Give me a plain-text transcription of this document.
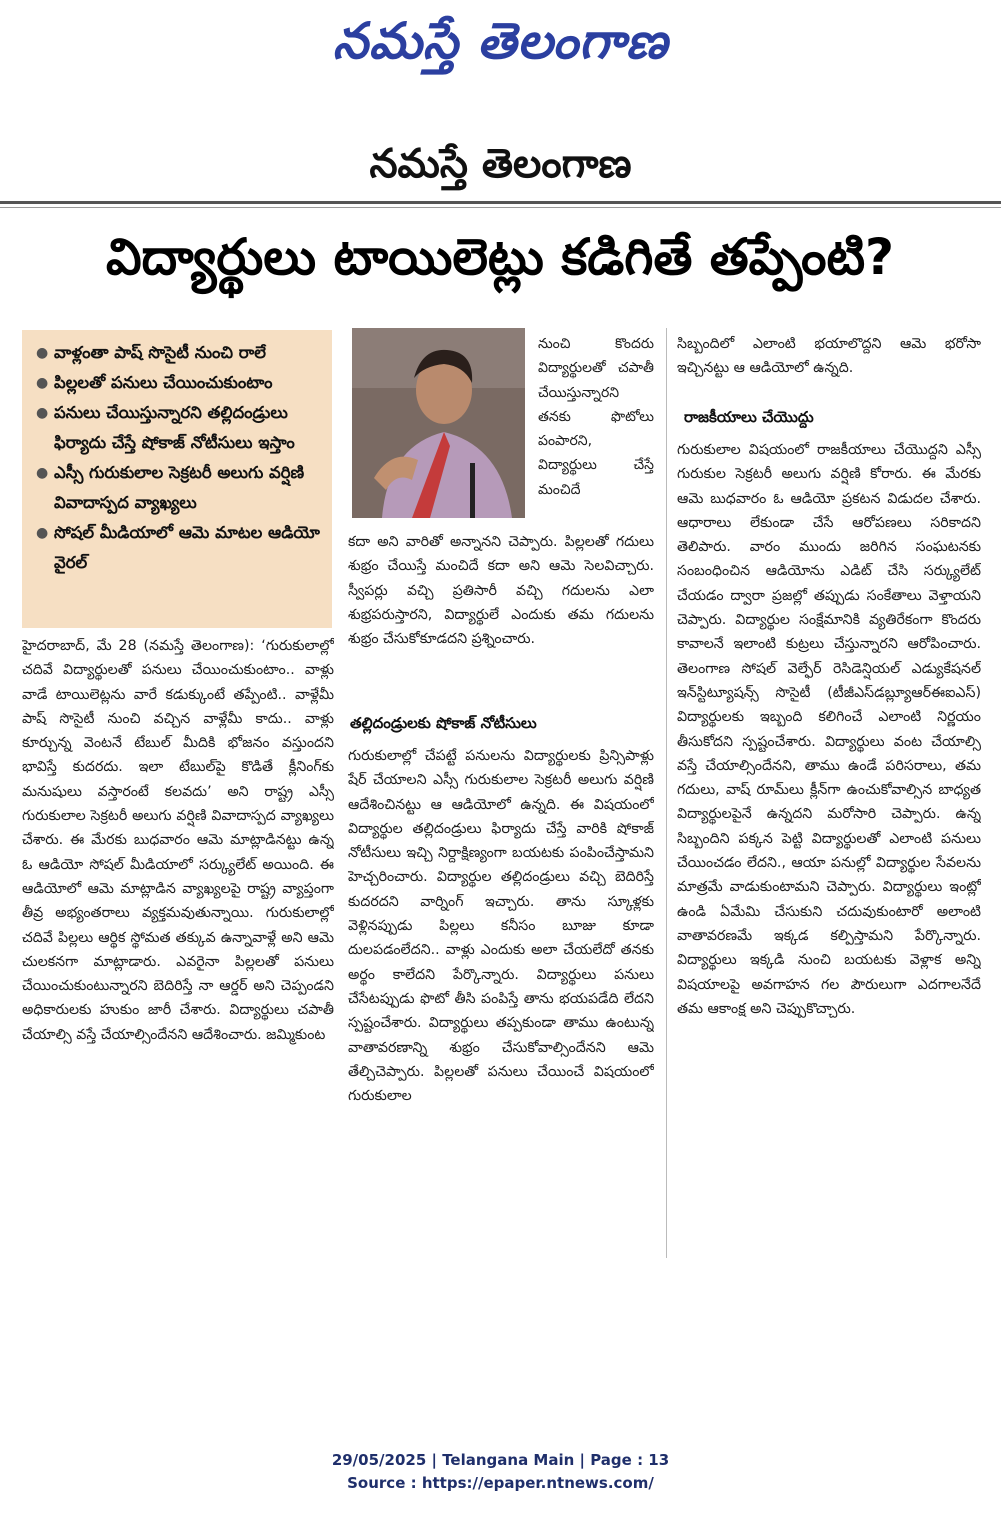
నమస్తే తెలంగాణ
నమస్తే తెలంగాణ
విద్యార్థులు టాయిలెట్లు కడిగితే తప్పేంటి?
● వాళ్లంతా పాష్ సొసైటీ నుంచి రాలే
● పిల్లలతో పనులు చేయించుకుంటాం
● పనులు చేయిస్తున్నారని తల్లిదండ్రులు ఫిర్యాదు చేస్తే షోకాజ్ నోటీసులు ఇస్తాం
● ఎస్సీ గురుకులాల సెక్రటరీ అలుగు వర్షిణి వివాదాస్పద వ్యాఖ్యలు
● సోషల్ మీడియాలో ఆమె మాటల ఆడియో వైరల్

హైదరాబాద్, మే 28 (నమస్తే తెలంగాణ): ‘గురుకులాల్లో చదివే విద్యార్థులతో పనులు చేయించుకుంటాం.. వాళ్లు వాడే టాయిలెట్లను వారే కడుక్కుంటే తప్పేంటి.. వాళ్లేమీ పాష్ సొసైటీ నుంచి వచ్చిన వాళ్లేమీ కాదు.. వాళ్లు కూర్చున్న వెంటనే టేబుల్ మీదికి భోజనం వస్తుందని భావిస్తే కుదరదు. ఇలా టేబుల్‌పై కొడితే క్లీనింగ్‌కు మనుషులు వస్తారంటే కలవదు’ అని రాష్ట్ర ఎస్సీ గురుకులాల సెక్రటరీ అలుగు వర్షిణి వివాదాస్పద వ్యాఖ్యలు చేశారు. ఈ మేరకు బుధవారం ఆమె మాట్లాడినట్టు ఉన్న ఓ ఆడియో సోషల్ మీడియాలో సర్క్యులేట్ అయింది. ఈ ఆడియోలో ఆమె మాట్లాడిన వ్యాఖ్యలపై రాష్ట్ర వ్యాప్తంగా తీవ్ర అభ్యంతరాలు వ్యక్తమవుతున్నాయి. గురుకులాల్లో చదివే పిల్లలు ఆర్థిక స్థోమత తక్కువ ఉన్నావాళ్లే అని ఆమె చులకనగా మాట్లాడారు. ఎవరైనా పిల్లలతో పనులు చేయించుకుంటున్నారని బెదిరిస్తే నా ఆర్డర్ అని చెప్పండని అధికారులకు హుకుం జారీ చేశారు. విద్యార్థులు చపాతీ చేయాల్సి వస్తే చేయాల్సిందేనని ఆదేశించారు. జమ్మికుంట

నుంచి కొందరు విద్యార్థులతో చపాతీ చేయిస్తున్నారని తనకు ఫొటోలు పంపారని, విద్యార్థులు చేస్తే మంచిదే

కదా అని వారితో అన్నానని చెప్పారు. పిల్లలతో గదులు శుభ్రం చేయిస్తే మంచిదే కదా అని ఆమె సెలవిచ్చారు. స్వీపర్లు వచ్చి ప్రతిసారీ వచ్చి గదులను ఎలా శుభ్రపరుస్తారని, విద్యార్థులే ఎందుకు తమ గదులను శుభ్రం చేసుకోకూడదని ప్రశ్నించారు.

తల్లిదండ్రులకు షోకాజ్ నోటీసులు

గురుకులాల్లో చేపట్టే పనులను విద్యార్థులకు ప్రిన్సిపాళ్లు షేర్ చేయాలని ఎస్సీ గురుకులాల సెక్రటరీ అలుగు వర్షిణి ఆదేశించినట్టు ఆ ఆడియోలో ఉన్నది. ఈ విషయంలో విద్యార్థుల తల్లిదండ్రులు ఫిర్యాదు చేస్తే వారికి షోకాజ్ నోటీసులు ఇచ్చి నిర్దాక్షిణ్యంగా బయటకు పంపించేస్తామని హెచ్చరించారు. విద్యార్థుల తల్లిదండ్రులు వచ్చి బెదిరిస్తే కుదరదని వార్నింగ్ ఇచ్చారు. తాను స్కూళ్లకు వెళ్లినప్పుడు పిల్లలు కనీసం బూజు కూడా దులపడంలేదని.. వాళ్లు ఎందుకు అలా చేయలేదో తనకు అర్థం కాలేదని పేర్కొన్నారు. విద్యార్థులు పనులు చేసేటప్పుడు ఫొటో తీసి పంపిస్తే తాను భయపడేది లేదని స్పష్టంచేశారు. విద్యార్థులు తప్పకుండా తాము ఉంటున్న వాతావరణాన్ని శుభ్రం చేసుకోవాల్సిందేనని ఆమె తేల్చిచెప్పారు. పిల్లలతో పనులు చేయించే విషయంలో గురుకులాల

సిబ్బందిలో ఎలాంటి భయాలొద్దని ఆమె భరోసా ఇచ్చినట్టు ఆ ఆడియోలో ఉన్నది.

రాజకీయాలు చేయొద్దు

గురుకులాల విషయంలో రాజకీయాలు చేయొద్దని ఎస్సీ గురుకుల సెక్రటరీ అలుగు వర్షిణి కోరారు. ఈ మేరకు ఆమె బుధవారం ఓ ఆడియో ప్రకటన విడుదల చేశారు. ఆధారాలు లేకుండా చేసే ఆరోపణలు సరికాదని తెలిపారు. వారం ముందు జరిగిన సంఘటనకు సంబంధించిన ఆడియోను ఎడిట్ చేసి సర్క్యులేట్ చేయడం ద్వారా ప్రజల్లో తప్పుడు సంకేతాలు వెళ్తాయని చెప్పారు. విద్యార్థుల సంక్షేమానికి వ్యతిరేకంగా కొందరు కావాలనే ఇలాంటి కుట్రలు చేస్తున్నారని ఆరోపించారు. తెలంగాణ సోషల్ వెల్ఫేర్ రెసిడెన్షియల్ ఎడ్యుకేషనల్ ఇన్‌స్టిట్యూషన్స్ సొసైటీ (టీజీఎస్‌డబ్ల్యూఆర్‌ఈఐఎస్) విద్యార్థులకు ఇబ్బంది కలిగించే ఎలాంటి నిర్ణయం తీసుకోదని స్పష్టంచేశారు. విద్యార్థులు వంట చేయాల్సి వస్తే చేయాల్సిందేనని, తాము ఉండే పరిసరాలు, తమ గదులు, వాష్ రూమ్‌లు క్లీన్‌గా ఉంచుకోవాల్సిన బాధ్యత విద్యార్థులపైనే ఉన్నదని మరోసారి చెప్పారు. ఉన్న సిబ్బందిని పక్కన పెట్టి విద్యార్థులతో ఎలాంటి పనులు చేయించడం లేదని., ఆయా పనుల్లో విద్యార్థుల సేవలను మాత్రమే వాడుకుంటామని చెప్పారు. విద్యార్థులు ఇంట్లో ఉండి ఏమేమి చేసుకుని చదువుకుంటారో అలాంటి వాతావరణమే ఇక్కడ కల్పిస్తామని పేర్కొన్నారు. విద్యార్థులు ఇక్కడి నుంచి బయటకు వెళ్లాక అన్ని విషయాలపై అవగాహన గల పౌరులుగా ఎదగాలనేదే తమ ఆకాంక్ష అని చెప్పుకొచ్చారు.

29/05/2025 | Telangana Main | Page : 13
Source : https://epaper.ntnews.com/
